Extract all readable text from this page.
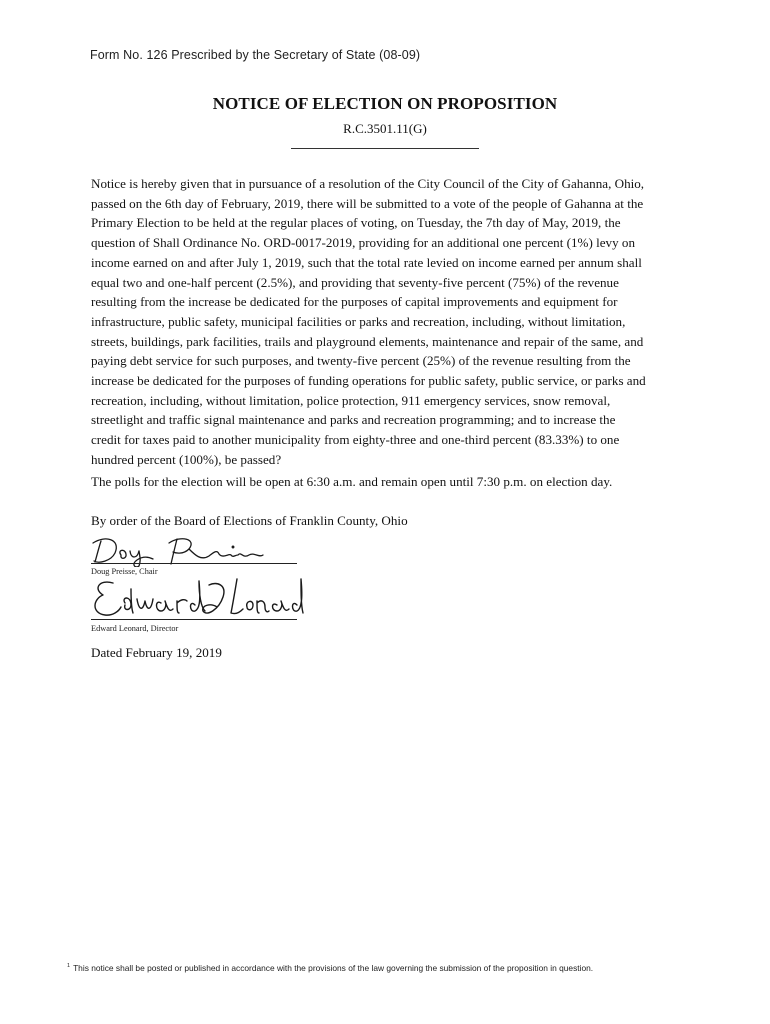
Form No. 126 Prescribed by the Secretary of State (08-09)
NOTICE OF ELECTION ON PROPOSITION
R.C.3501.11(G)

Notice is hereby given that in pursuance of a resolution of the City Council of the City of Gahanna, Ohio,
passed on the 6th day of February, 2019, there will be submitted to a vote of the people of Gahanna at the
Primary Election to be held at the regular places of voting, on Tuesday, the 7th day of May, 2019, the
question of Shall Ordinance No. ORD-0017-2019, providing for an additional one percent (1%) levy on
income earned on and after July 1, 2019, such that the total rate levied on income earned per annum shall
equal two and one-half percent (2.5%), and providing that seventy-five percent (75%) of the revenue
resulting from the increase be dedicated for the purposes of capital improvements and equipment for
infrastructure, public safety, municipal facilities or parks and recreation, including, without limitation,
streets, buildings, park facilities, trails and playground elements, maintenance and repair of the same, and
paying debt service for such purposes, and twenty-five percent (25%) of the revenue resulting from the
increase be dedicated for the purposes of funding operations for public safety, public service, or parks and
recreation, including, without limitation, police protection, 911 emergency services, snow removal,
streetlight and traffic signal maintenance and parks and recreation programming; and to increase the
credit for taxes paid to another municipality from eighty-three and one-third percent (83.33%) to one
hundred percent (100%), be passed?

The polls for the election will be open at 6:30 a.m. and remain open until 7:30 p.m. on election day.
By order of the Board of Elections of Franklin County, Ohio
Doug Preisse, Chair
Edward Leonard, Director
Dated February 19, 2019
$^1$ This notice shall be posted or published in accordance with the provisions of the law governing the submission of the proposition in question.
